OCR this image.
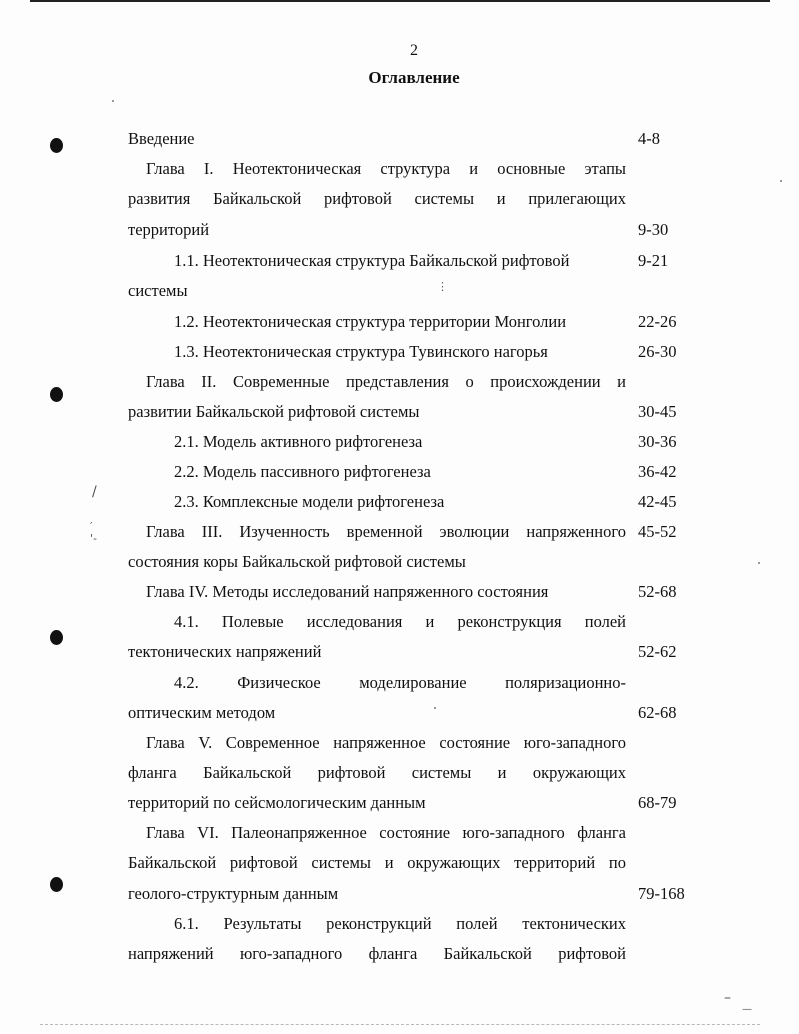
2
Оглавление
Введение	4-8
Глава I. Неотектоническая структура и основные этапы
развития Байкальской рифтовой системы и прилегающих
территорий	9-30
1.1. Неотектоническая структура Байкальской рифтовой	9-21
системы
1.2. Неотектоническая структура территории Монголии	22-26
1.3. Неотектоническая структура Тувинского нагорья	26-30
Глава II. Современные представления о происхождении и
развитии Байкальской рифтовой системы	30-45
2.1. Модель активного рифтогенеза	30-36
2.2. Модель пассивного рифтогенеза	36-42
2.3. Комплексные модели рифтогенеза	42-45
Глава III. Изученность временной эволюции напряженного 45-52
состояния коры Байкальской рифтовой системы
Глава IV. Методы исследований напряженного состояния	52-68
4.1. Полевые исследования и реконструкция полей
тектонических напряжений	52-62
4.2. Физическое моделирование поляризационно-
оптическим методом	62-68
Глава V. Современное напряженное состояние юго-западного
фланга Байкальской рифтовой системы и окружающих
территорий по сейсмологическим данным	68-79
Глава VI. Палеонапряженное состояние юго-западного фланга
Байкальской рифтовой системы и окружающих территорий по
геолого-структурным данным	79-168
6.1. Результаты реконструкций полей тектонических
напряжений юго-западного фланга Байкальской рифтовой
/
′
'-
⋮
–
—
